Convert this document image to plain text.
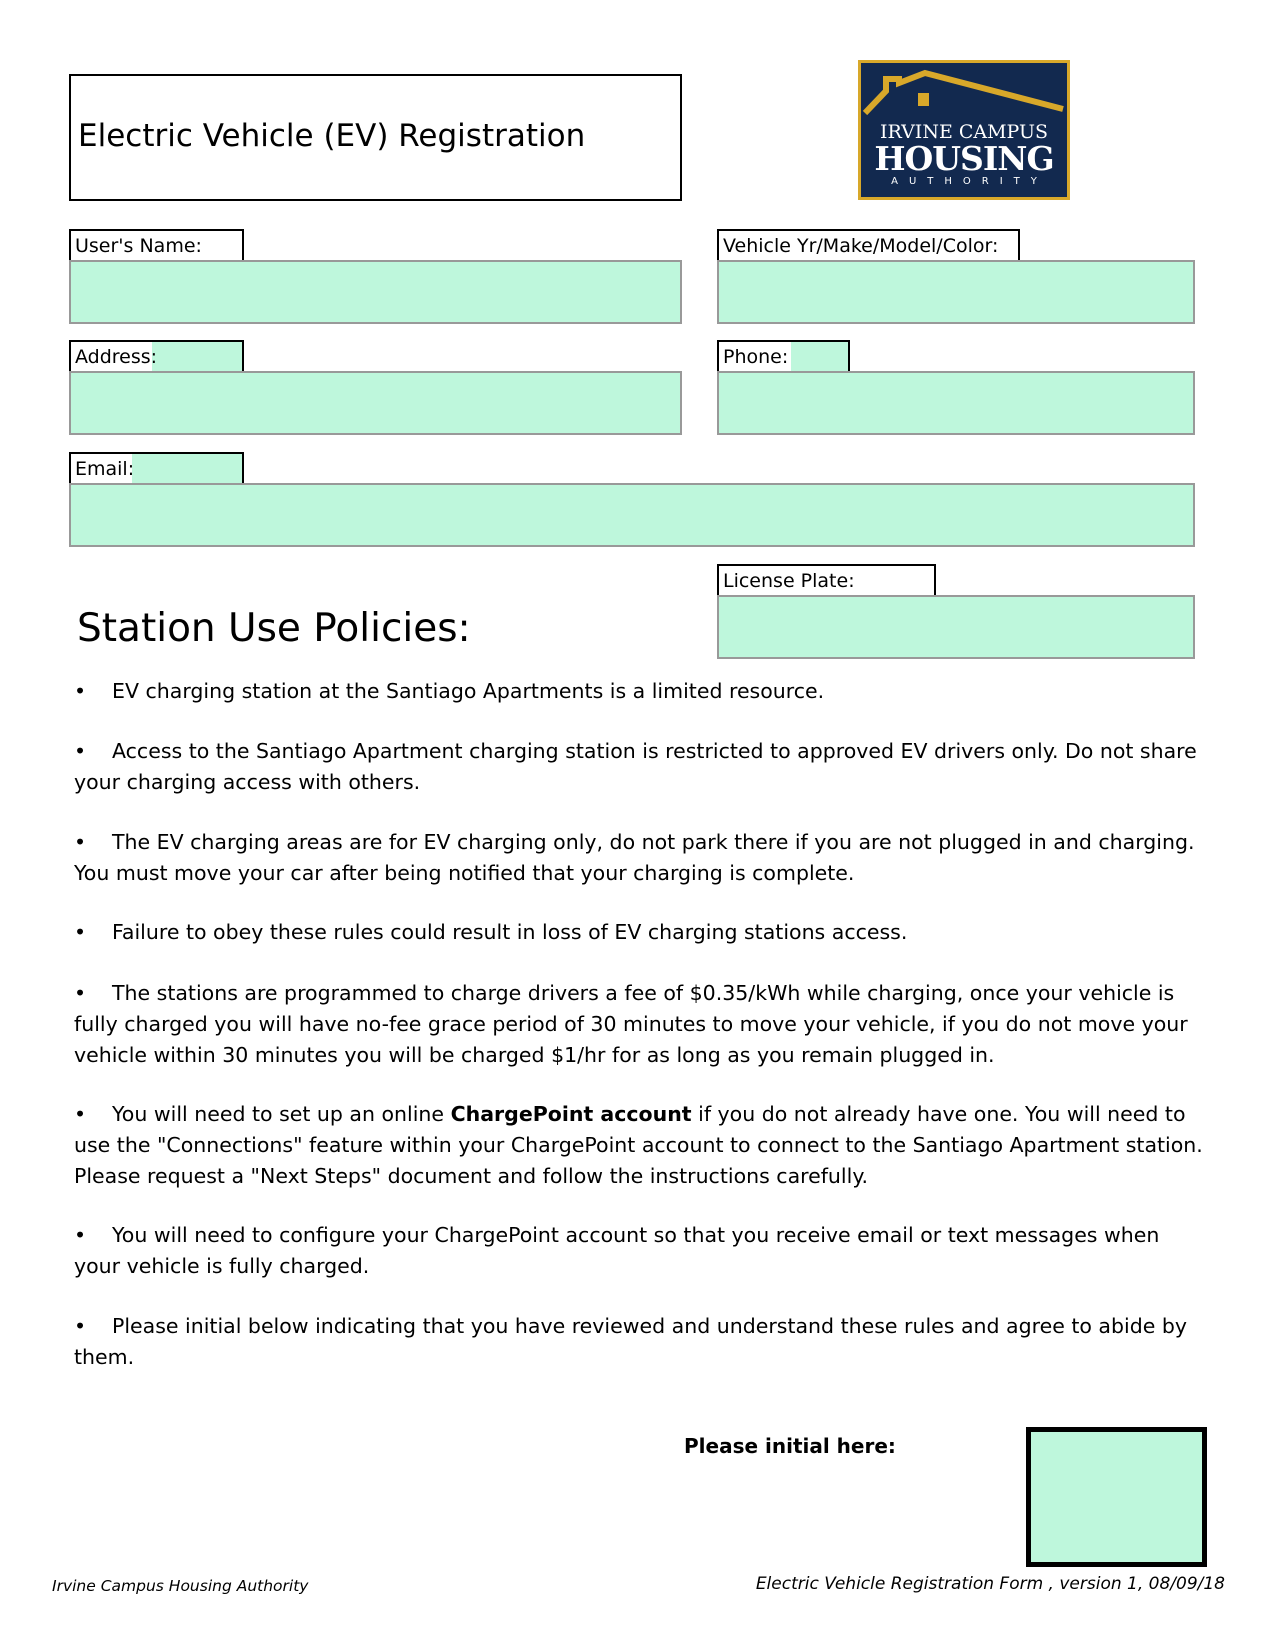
Electric Vehicle (EV) Registration	IRVINE CAMPUS
HOUSING
AUTHORITY
User's Name:	Vehicle Yr/Make/Model/Color:
Address:	Phone:
Email:
License Plate:
Station Use Policies:
• EV charging station at the Santiago Apartments is a limited resource.
• Access to the Santiago Apartment charging station is restricted to approved EV drivers only. Do not share your charging access with others.
• The EV charging areas are for EV charging only, do not park there if you are not plugged in and charging. You must move your car after being notified that your charging is complete.
• Failure to obey these rules could result in loss of EV charging stations access.
• The stations are programmed to charge drivers a fee of $0.35/kWh while charging, once your vehicle is fully charged you will have no-fee grace period of 30 minutes to move your vehicle, if you do not move your vehicle within 30 minutes you will be charged $1/hr for as long as you remain plugged in.
• You will need to set up an online ChargePoint account if you do not already have one. You will need to use the "Connections" feature within your ChargePoint account to connect to the Santiago Apartment station. Please request a "Next Steps" document and follow the instructions carefully.
• You will need to configure your ChargePoint account so that you receive email or text messages when your vehicle is fully charged.
• Please initial below indicating that you have reviewed and understand these rules and agree to abide by them.
Please initial here:
Irvine Campus Housing Authority	Electric Vehicle Registration Form , version 1, 08/09/18
